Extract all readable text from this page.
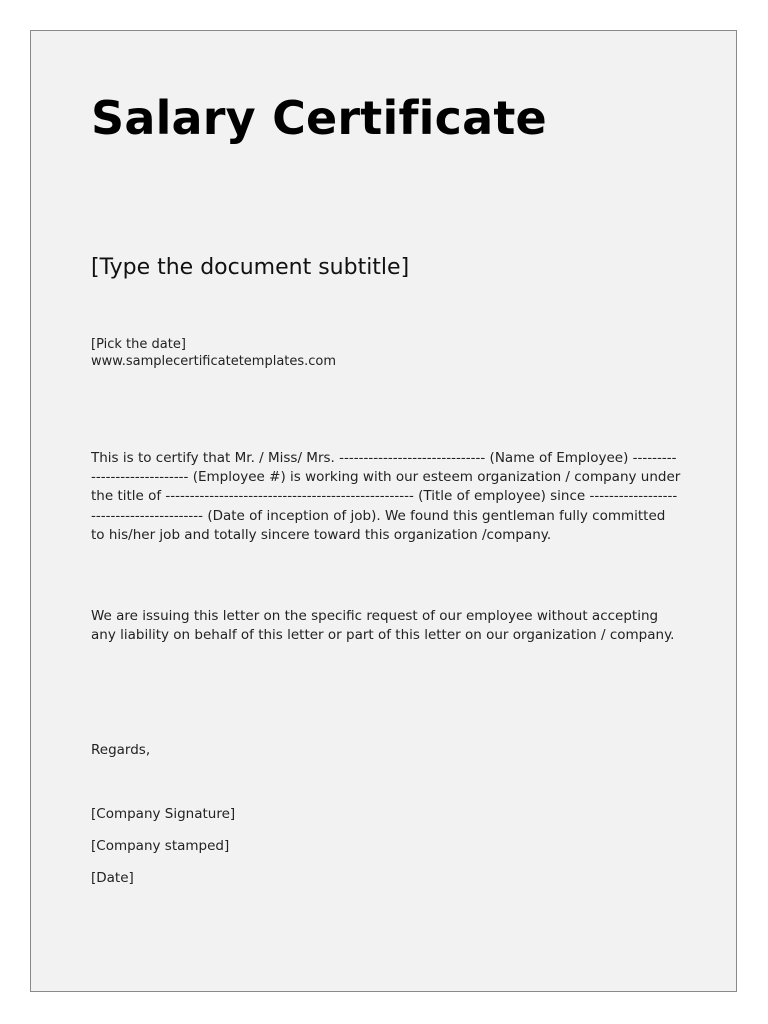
Salary Certificate
[Type the document subtitle]
[Pick the date]
www.samplecertificatetemplates.com

This is to certify that Mr. / Miss/ Mrs. ------------------------------ (Name of Employee) ----------------------------- (Employee #) is working with our esteem organization / company under the title of --------------------------------------------------- (Title of employee) since ----------------------------------------- (Date of inception of job). We found this gentleman fully committed to his/her job and totally sincere toward this organization /company.

We are issuing this letter on the specific request of our employee without accepting any liability on behalf of this letter or part of this letter on our organization / company.

Regards,
[Company Signature]
[Company stamped]
[Date]
